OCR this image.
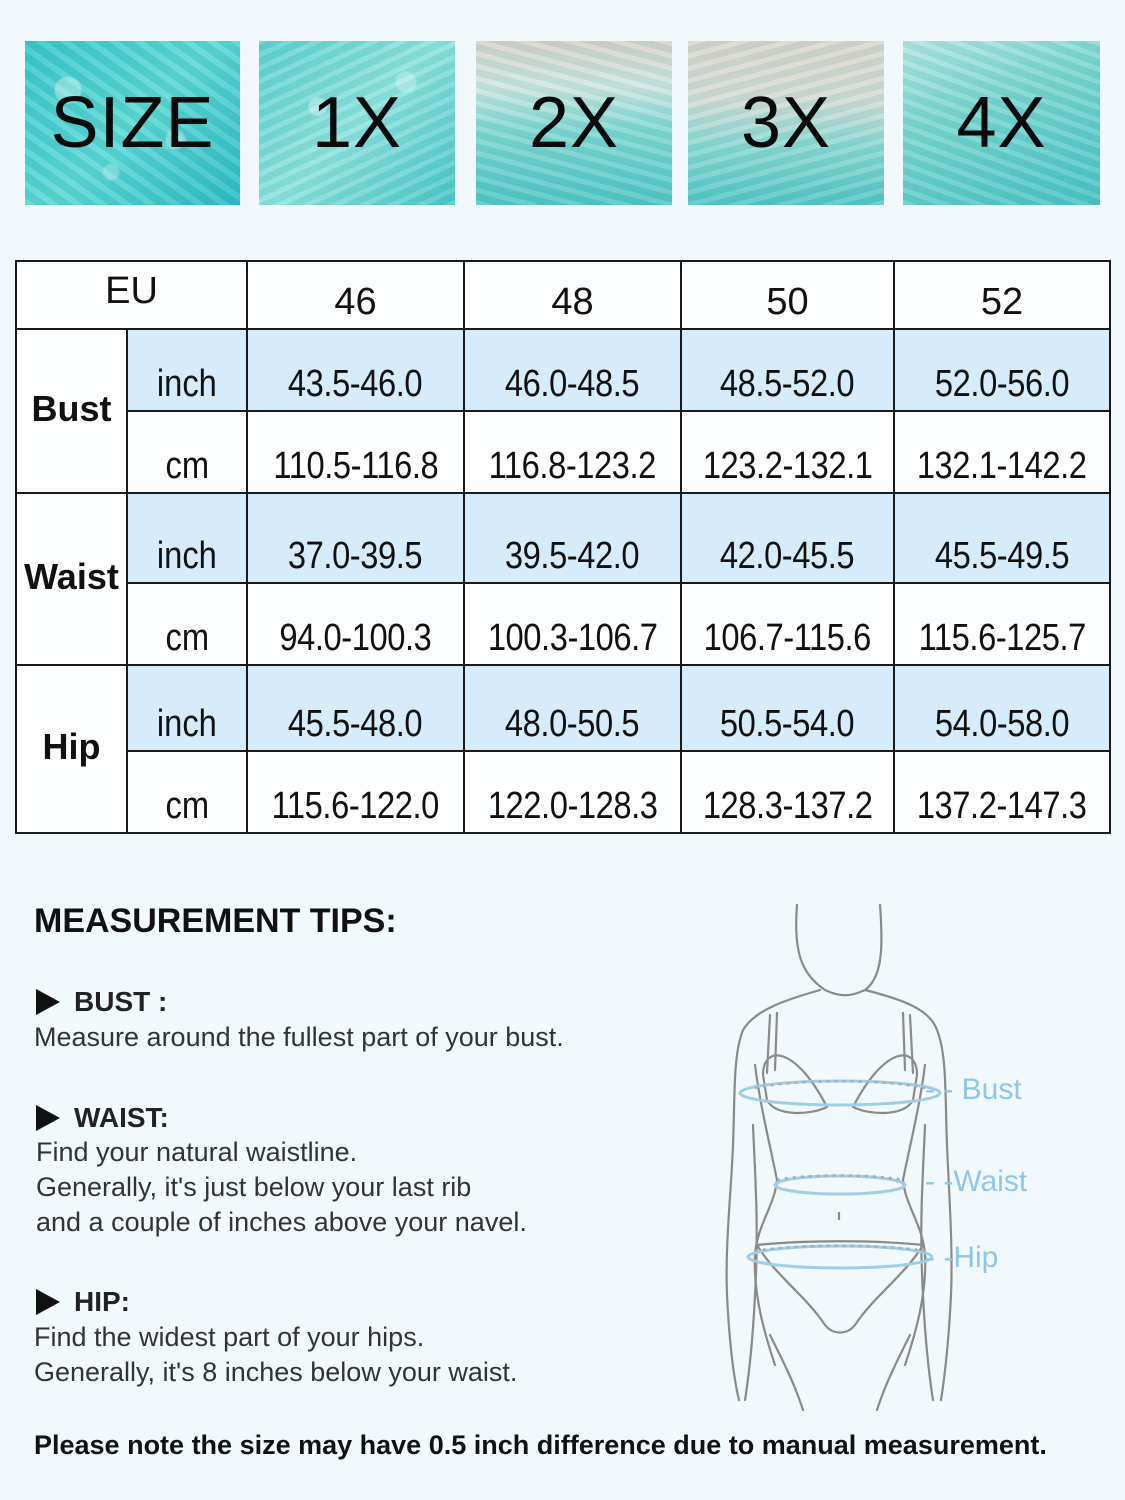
SIZE 1X 2X 3X 4X
EU		46	48	50	52
Bust	inch	43.5-46.0	46.0-48.5	48.5-52.0	52.0-56.0
	cm	110.5-116.8	116.8-123.2	123.2-132.1	132.1-142.2
Waist	inch	37.0-39.5	39.5-42.0	42.0-45.5	45.5-49.5
	cm	94.0-100.3	100.3-106.7	106.7-115.6	115.6-125.7
Hip	inch	45.5-48.0	48.0-50.5	50.5-54.0	54.0-58.0
	cm	115.6-122.0	122.0-128.3	128.3-137.2	137.2-147.3
MEASUREMENT TIPS:
BUST :
Measure around the fullest part of your bust.
WAIST:
Find your natural waistline.
Generally, it's just below your last rib
and a couple of inches above your navel.
HIP:
Find the widest part of your hips.
Generally, it's 8 inches below your waist.
- - Bust
- -Waist
- -Hip
Please note the size may have 0.5 inch difference due to manual measurement.
